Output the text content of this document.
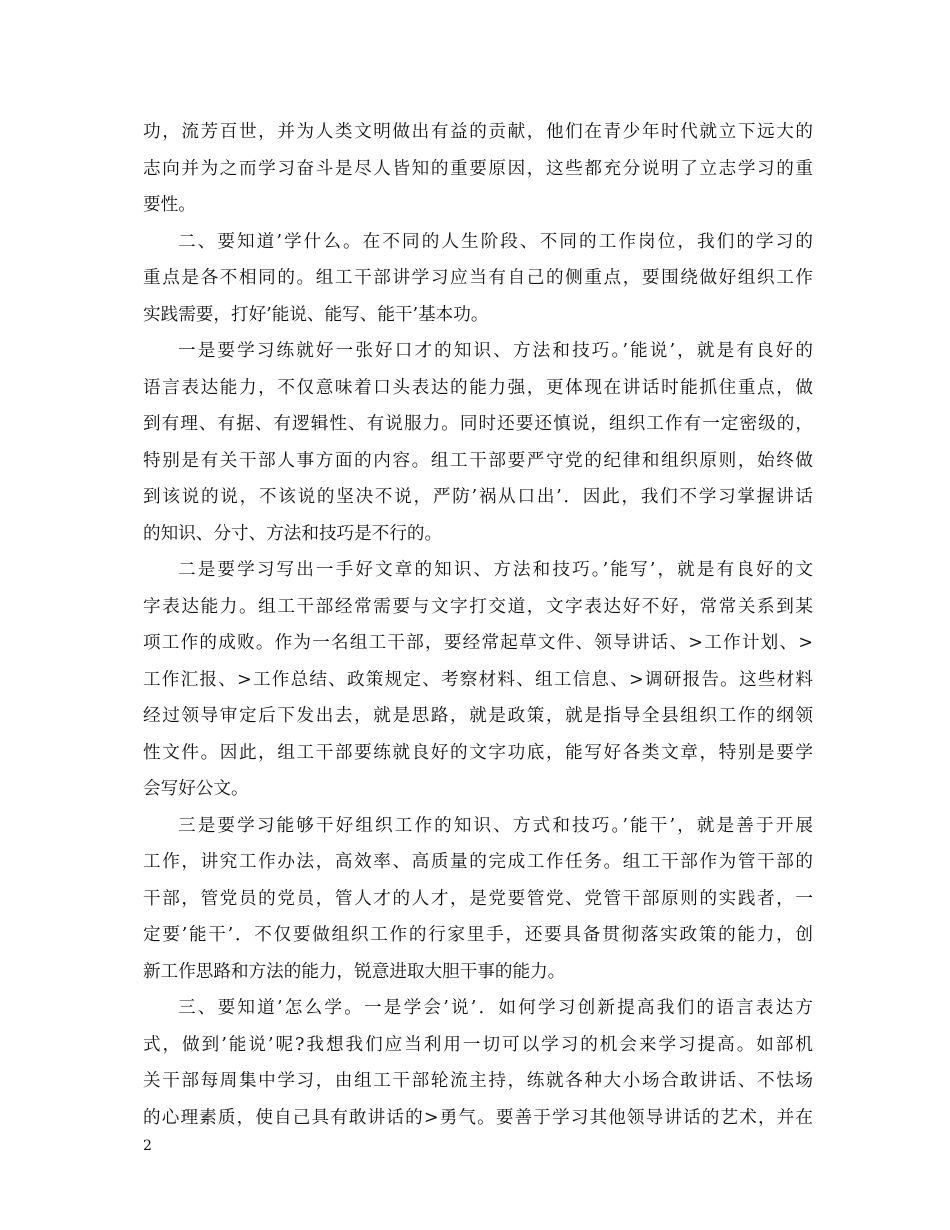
功，流芳百世，并为人类文明做出有益的贡献，他们在青少年时代就立下远大的
志向并为之而学习奋斗是尽人皆知的重要原因，这些都充分说明了立志学习的重
要性。
二、要知道’学什么。在不同的人生阶段、不同的工作岗位，我们的学习的
重点是各不相同的。组工干部讲学习应当有自己的侧重点，要围绕做好组织工作
实践需要，打好’能说、能写、能干’基本功。
一是要学习练就好一张好口才的知识、方法和技巧。’能说’，就是有良好的
语言表达能力，不仅意味着口头表达的能力强，更体现在讲话时能抓住重点，做
到有理、有据、有逻辑性、有说服力。同时还要还慎说，组织工作有一定密级的，
特别是有关干部人事方面的内容。组工干部要严守党的纪律和组织原则，始终做
到该说的说，不该说的坚决不说，严防’祸从口出’．因此，我们不学习掌握讲话
的知识、分寸、方法和技巧是不行的。
二是要学习写出一手好文章的知识、方法和技巧。’能写’，就是有良好的文
字表达能力。组工干部经常需要与文字打交道，文字表达好不好，常常关系到某
项工作的成败。作为一名组工干部，要经常起草文件、领导讲话、>工作计划、>
工作汇报、>工作总结、政策规定、考察材料、组工信息、>调研报告。这些材料
经过领导审定后下发出去，就是思路，就是政策，就是指导全县组织工作的纲领
性文件。因此，组工干部要练就良好的文字功底，能写好各类文章，特别是要学
会写好公文。
三是要学习能够干好组织工作的知识、方式和技巧。’能干’，就是善于开展
工作，讲究工作办法，高效率、高质量的完成工作任务。组工干部作为管干部的
干部，管党员的党员，管人才的人才，是党要管党、党管干部原则的实践者，一
定要’能干’．不仅要做组织工作的行家里手，还要具备贯彻落实政策的能力，创
新工作思路和方法的能力，锐意进取大胆干事的能力。
三、要知道’怎么学。一是学会’说’．如何学习创新提高我们的语言表达方
式，做到’能说’呢?我想我们应当利用一切可以学习的机会来学习提高。如部机
关干部每周集中学习，由组工干部轮流主持，练就各种大小场合敢讲话、不怯场
的心理素质，使自己具有敢讲话的>勇气。要善于学习其他领导讲话的艺术，并在
2
